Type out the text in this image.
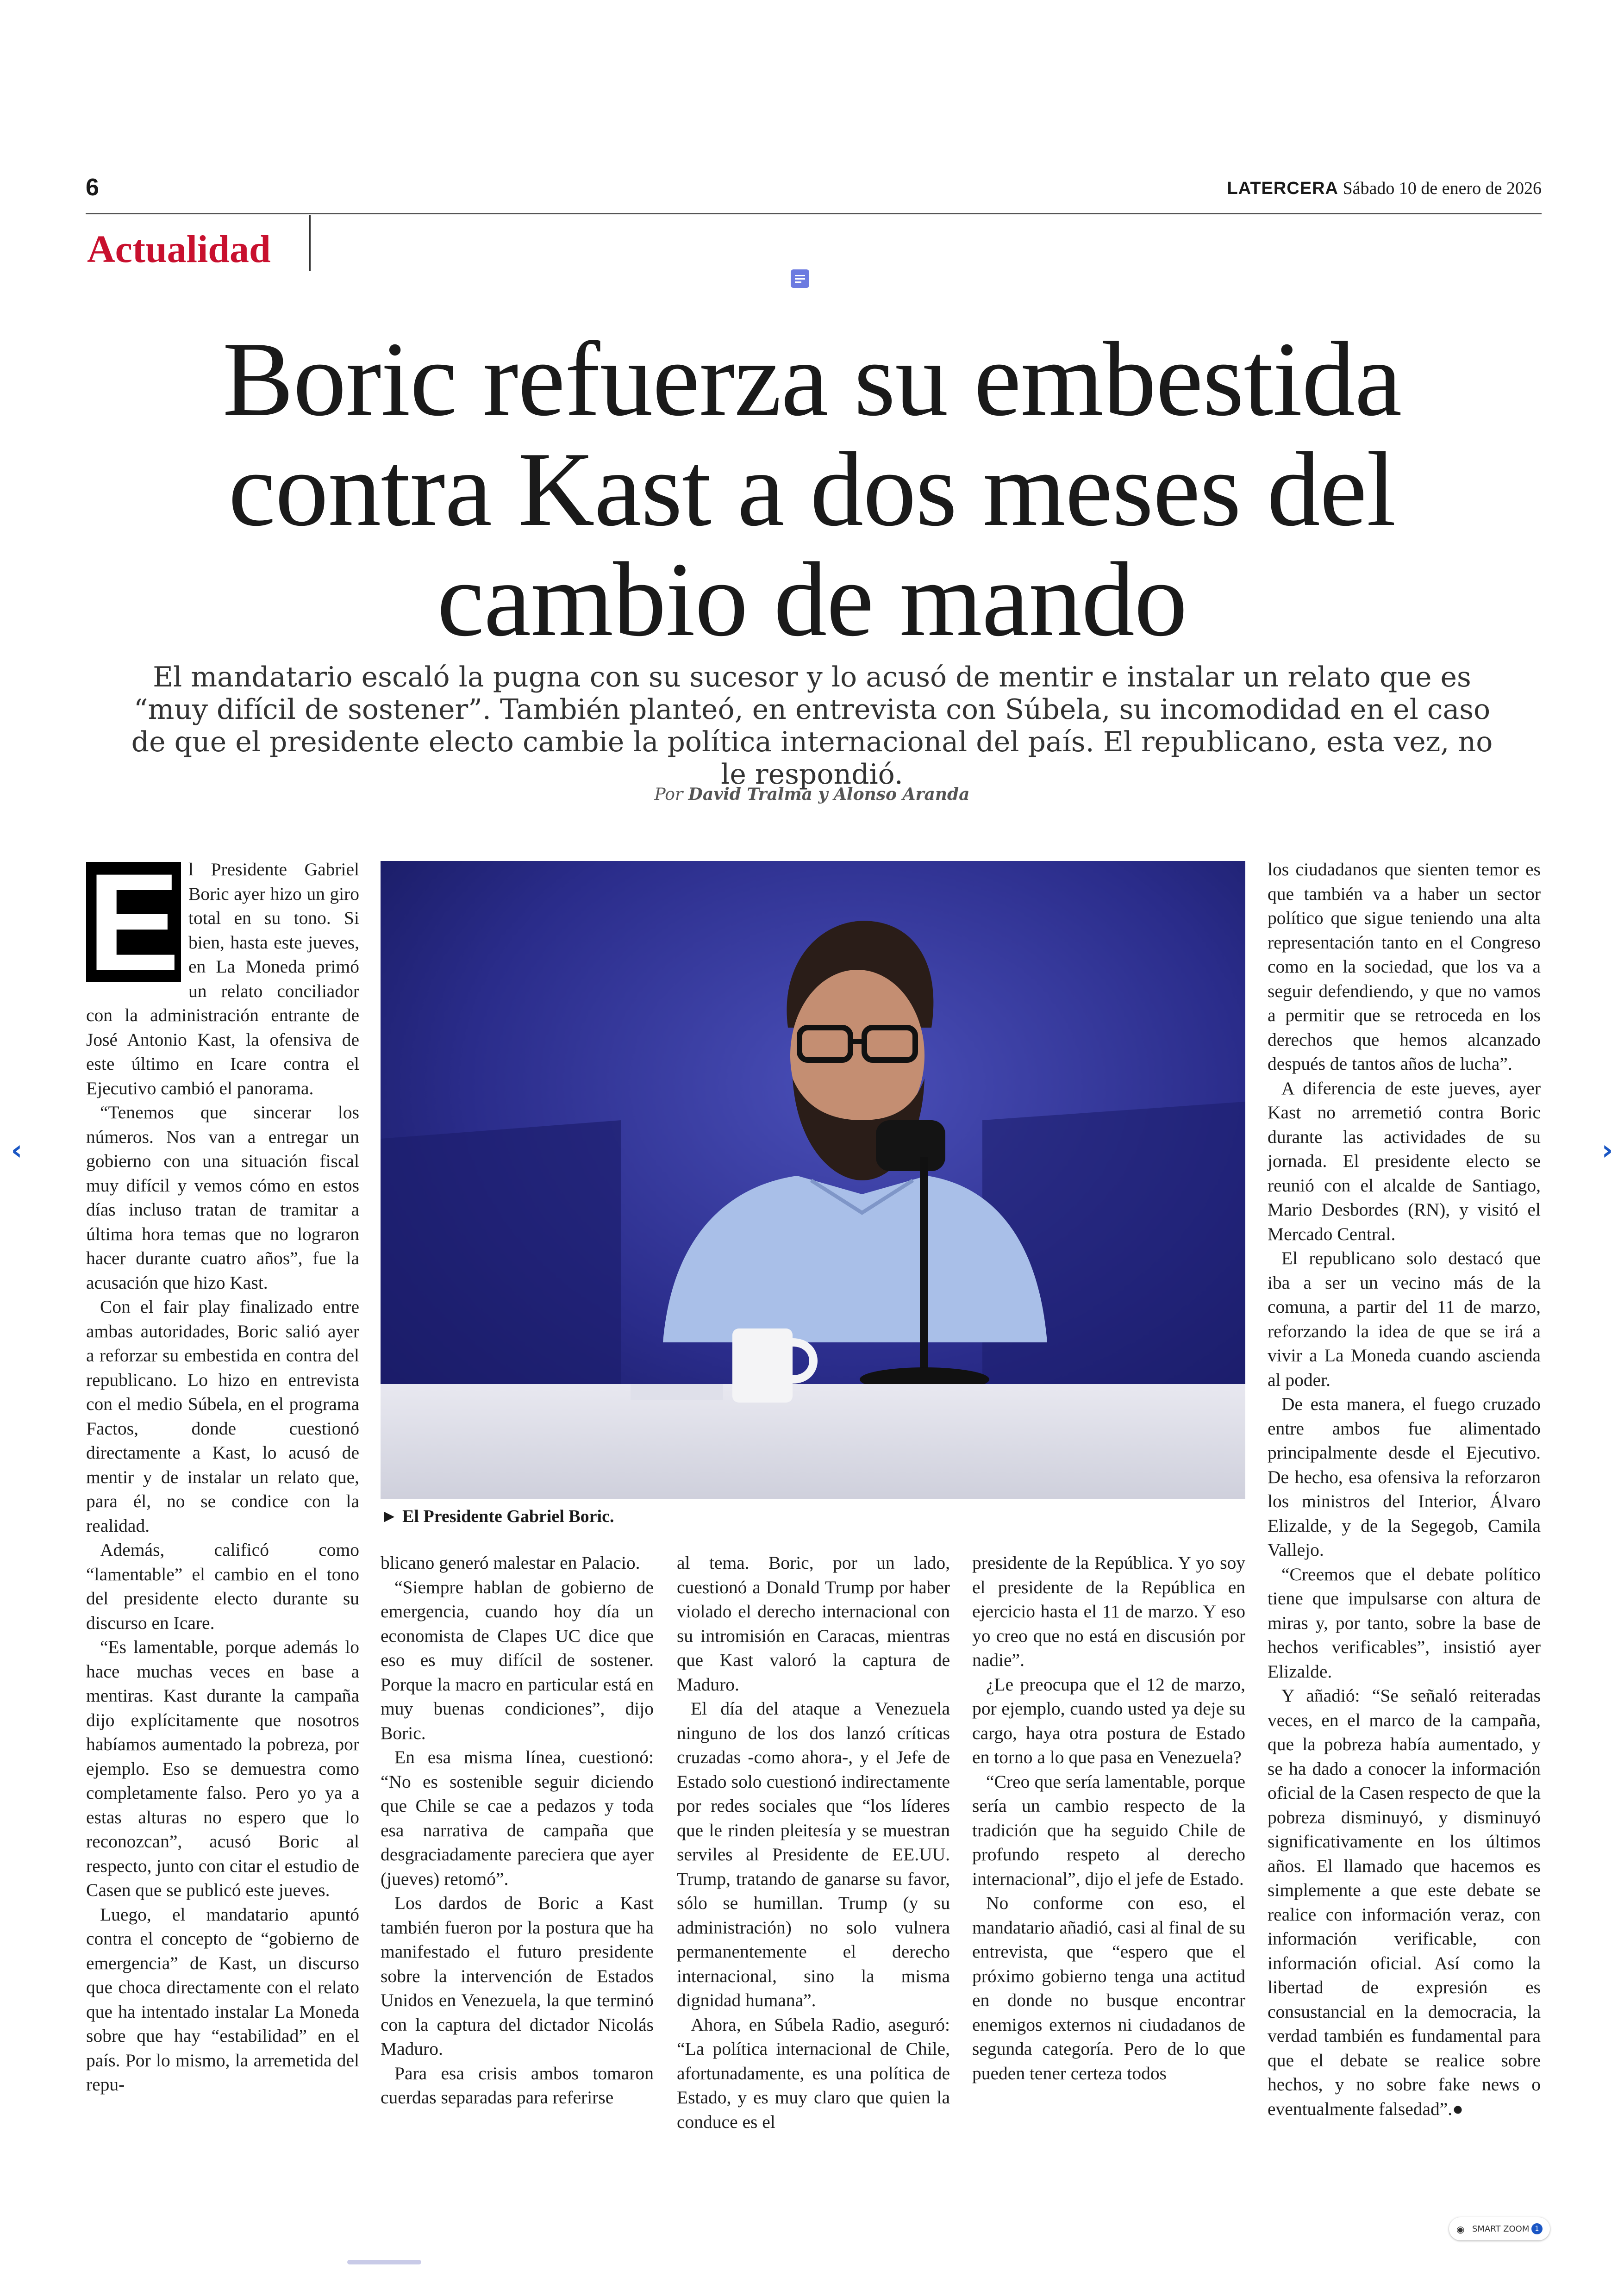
6	LATERCERA Sábado 10 de enero de 2026
Actualidad
Boric refuerza su embestida contra Kast a dos meses del cambio de mando

El mandatario escaló la pugna con su sucesor y lo acusó de mentir e instalar un relato que es “muy difícil de sostener”. También planteó, en entrevista con Súbela, su incomodidad en el caso de que el presidente electo cambie la política internacional del país. El republicano, esta vez, no le respondió.

Por David Tralma y Alonso Aranda
E l Presidente Gabriel Boric ayer hizo un giro total en su tono. Si bien, hasta este jueves, en La Moneda primó un relato conciliador con la administración entrante de José Antonio Kast, la ofensiva de este último en Icare contra el Ejecutivo cambió el panorama.

“Tenemos que sincerar los números. Nos van a entregar un gobierno con una situación fiscal muy difícil y vemos cómo en estos días incluso tratan de tramitar a última hora temas que no lograron hacer durante cuatro años”, fue la acusación que hizo Kast.

Con el fair play finalizado entre ambas autoridades, Boric salió ayer a reforzar su embestida en contra del republicano. Lo hizo en entrevista con el medio Súbela, en el programa Factos, donde cuestionó directamente a Kast, lo acusó de mentir y de instalar un relato que, para él, no se condice con la realidad.

Además, calificó como “lamentable” el cambio en el tono del presidente electo durante su discurso en Icare.

“Es lamentable, porque además lo hace muchas veces en base a mentiras. Kast durante la campaña dijo explícitamente que nosotros habíamos aumentado la pobreza, por ejemplo. Eso se demuestra como completamente falso. Pero yo ya a estas alturas no espero que lo reconozcan”, acusó Boric al respecto, junto con citar el estudio de Casen que se publicó este jueves.

Luego, el mandatario apuntó contra el concepto de “gobierno de emergencia” de Kast, un discurso que choca directamente con el relato que ha intentado instalar La Moneda sobre que hay “estabilidad” en el país. Por lo mismo, la arremetida del repu-

► El Presidente Gabriel Boric.

los ciudadanos que sienten temor es que también va a haber un sector político que sigue teniendo una alta representación tanto en el Congreso como en la sociedad, que los va a seguir defendiendo, y que no vamos a permitir que se retroceda en los derechos que hemos alcanzado después de tantos años de lucha”.

A diferencia de este jueves, ayer Kast no arremetió contra Boric durante las actividades de su jornada. El presidente electo se reunió con el alcalde de Santiago, Mario Desbordes (RN), y visitó el Mercado Central.

El republicano solo destacó que iba a ser un vecino más de la comuna, a partir del 11 de marzo, reforzando la idea de que se irá a vivir a La Moneda cuando ascienda al poder.

De esta manera, el fuego cruzado entre ambos fue alimentado principalmente desde el Ejecutivo. De hecho, esa ofensiva la reforzaron los ministros del Interior, Álvaro Elizalde, y de la Segegob, Camila Vallejo.

“Creemos que el debate político tiene que impulsarse con altura de miras y, por tanto, sobre la base de hechos verificables”, insistió ayer Elizalde.

Y añadió: “Se señaló reiteradas veces, en el marco de la campaña, que la pobreza había aumentado, y se ha dado a conocer la información oficial de la Casen respecto de que la pobreza disminuyó, y disminuyó significativamente en los últimos años. El llamado que hacemos es simplemente a que este debate se realice con información veraz, con información verificable, con información oficial. Así como la libertad de expresión es consustancial en la democracia, la verdad también es fundamental para que el debate se realice sobre hechos, y no sobre fake news o eventualmente falsedad”.●

blicano generó malestar en Palacio.

“Siempre hablan de gobierno de emergencia, cuando hoy día un economista de Clapes UC dice que eso es muy difícil de sostener. Porque la macro en particular está en muy buenas condiciones”, dijo Boric.

En esa misma línea, cuestionó: “No es sostenible seguir diciendo que Chile se cae a pedazos y toda esa narrativa de campaña que desgraciadamente pareciera que ayer (jueves) retomó”.

Los dardos de Boric a Kast también fueron por la postura que ha manifestado el futuro presidente sobre la intervención de Estados Unidos en Venezuela, la que terminó con la captura del dictador Nicolás Maduro.

Para esa crisis ambos tomaron cuerdas separadas para referirse

al tema. Boric, por un lado, cuestionó a Donald Trump por haber violado el derecho internacional con su intromisión en Caracas, mientras que Kast valoró la captura de Maduro.

El día del ataque a Venezuela ninguno de los dos lanzó críticas cruzadas -como ahora-, y el Jefe de Estado solo cuestionó indirectamente por redes sociales que “los líderes que le rinden pleitesía y se muestran serviles al Presidente de EE.UU. Trump, tratando de ganarse su favor, sólo se humillan. Trump (y su administración) no solo vulnera permanentemente el derecho internacional, sino la misma dignidad humana”.

Ahora, en Súbela Radio, aseguró: “La política internacional de Chile, afortunadamente, es una política de Estado, y es muy claro que quien la conduce es el

presidente de la República. Y yo soy el presidente de la República en ejercicio hasta el 11 de marzo. Y eso yo creo que no está en discusión por nadie”.

¿Le preocupa que el 12 de marzo, por ejemplo, cuando usted ya deje su cargo, haya otra postura de Estado en torno a lo que pasa en Venezuela?

“Creo que sería lamentable, porque sería un cambio respecto de la tradición que ha seguido Chile de profundo respeto al derecho internacional”, dijo el jefe de Estado.

No conforme con eso, el mandatario añadió, casi al final de su entrevista, que “espero que el próximo gobierno tenga una actitud en donde no busque encontrar enemigos externos ni ciudadanos de segunda categoría. Pero de lo que pueden tener certeza todos

‹	›
◉ SMART ZOOM 1
